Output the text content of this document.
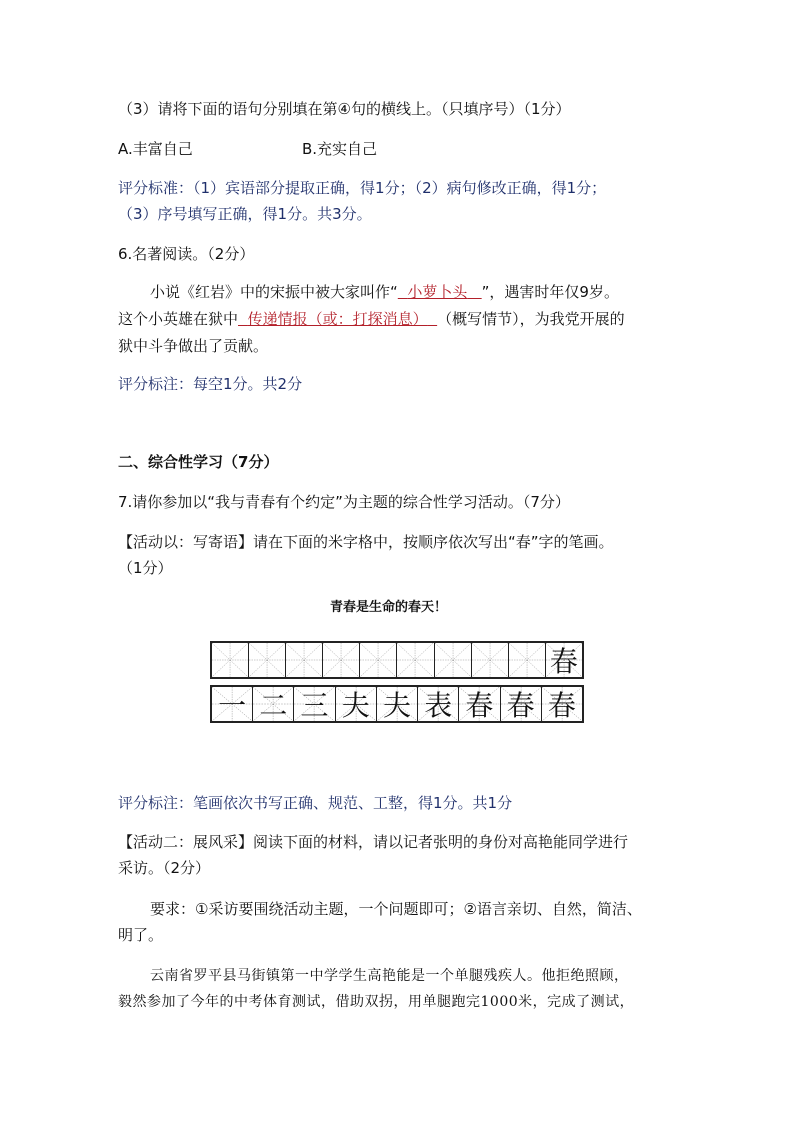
（3）请将下面的语句分别填在第④句的横线上。（只填序号）（1分）
A.丰富自己	B.充实自己
评分标准：（1）宾语部分提取正确，得1分；（2）病句修改正确，得1分；
（3）序号填写正确，得1分。共3分。
6.名著阅读。（2分）
小说《红岩》中的宋振中被大家叫作“ 小萝卜头 ”，遇害时年仅9岁。
这个小英雄在狱中 传递情报（或：打探消息） （概写情节），为我党开展的
狱中斗争做出了贡献。
评分标注：每空1分。共2分
二、综合性学习（7分）
7.请你参加以“我与青春有个约定”为主题的综合性学习活动。（7分）
【活动以：写寄语】请在下面的米字格中，按顺序依次写出“春”字的笔画。
（1分）
青春是生命的春天！
春
一 二 三 夫 夫 表 春 春 春
评分标注：笔画依次书写正确、规范、工整，得1分。共1分
【活动二：展风采】阅读下面的材料，请以记者张明的身份对高艳能同学进行
采访。（2分）
要求：①采访要围绕活动主题，一个问题即可；②语言亲切、自然，简洁、
明了。
云南省罗平县马街镇第一中学学生高艳能是一个单腿残疾人。他拒绝照顾，
毅然参加了今年的中考体育测试，借助双拐，用单腿跑完1000米，完成了测试，
